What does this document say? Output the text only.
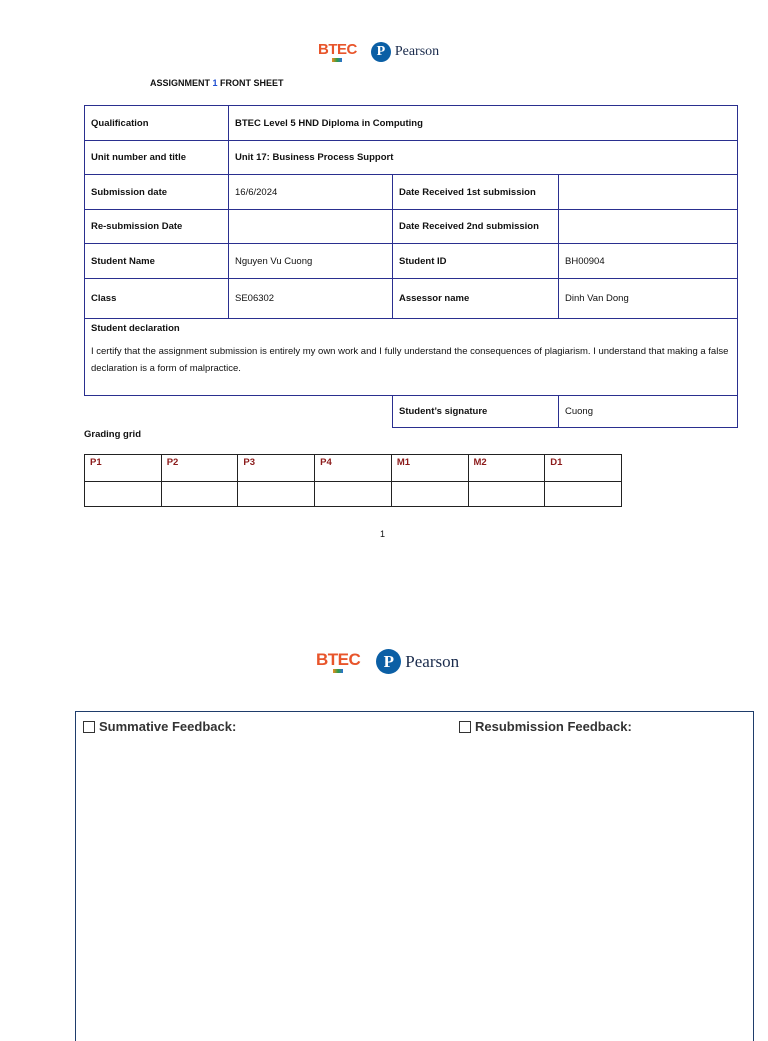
BTEC	P Pearson
ASSIGNMENT 1 FRONT SHEET
Qualification	BTEC Level 5 HND Diploma in Computing		
Unit number and title	Unit 17: Business Process Support		
Submission date	16/6/2024	Date Received 1st submission	
Re-submission Date		Date Received 2nd submission	
Student Name	Nguyen Vu Cuong	Student ID	BH00904
Class	SE06302	Assessor name	Dinh Van Dong

Student declaration
I certify that the assignment submission is entirely my own work and I fully understand the consequences of plagiarism. I understand that making a false declaration is a form of malpractice.			

		Student’s signature	Cuong
Grading grid
P1	P2	P3	P4	M1	M2	D1

1
BTEC	P Pearson
Summative Feedback:	Resubmission Feedback:
